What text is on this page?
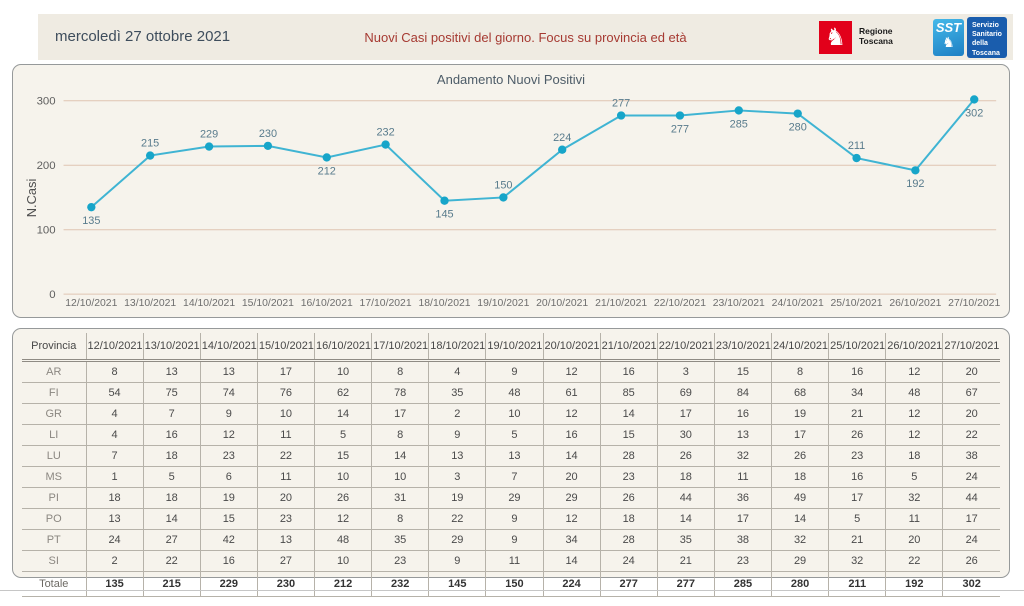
mercoledì 27 ottobre 2021	Nuovi Casi positivi del giorno. Focus su provincia ed età	♞	Regione Toscana
SST
♞
Servizio
Sanitario
della
Toscana
Andamento Nuovi Positivi
0
100
200
300
N.Casi
12/10/2021 13/10/2021 14/10/2021 15/10/2021 16/10/2021 17/10/2021 18/10/2021 19/10/2021 20/10/2021 21/10/2021 22/10/2021 23/10/2021 24/10/2021 25/10/2021 26/10/2021 27/10/2021
135
215
229	230
212
232
145
150
224
277
277	285	280
211
192
302
Provincia	12/10/2021	13/10/2021	14/10/2021	15/10/2021	16/10/2021	17/10/2021	18/10/2021	19/10/2021	20/10/2021	21/10/2021	22/10/2021	23/10/2021	24/10/2021	25/10/2021	26/10/2021	27/10/2021
AR	8	13	13	17	10	8	4	9	12	16	3	15	8	16	12	20
FI	54	75	74	76	62	78	35	48	61	85	69	84	68	34	48	67
GR	4	7	9	10	14	17	2	10	12	14	17	16	19	21	12	20
LI	4	16	12	11	5	8	9	5	16	15	30	13	17	26	12	22
LU	7	18	23	22	15	14	13	13	14	28	26	32	26	23	18	38
MS	1	5	6	11	10	10	3	7	20	23	18	11	18	16	5	24
PI	18	18	19	20	26	31	19	29	29	26	44	36	49	17	32	44
PO	13	14	15	23	12	8	22	9	12	18	14	17	14	5	11	17
PT	24	27	42	13	48	35	29	9	34	28	35	38	32	21	20	24
SI	2	22	16	27	10	23	9	11	14	24	21	23	29	32	22	26
Totale	135	215	229	230	212	232	145	150	224	277	277	285	280	211	192	302
